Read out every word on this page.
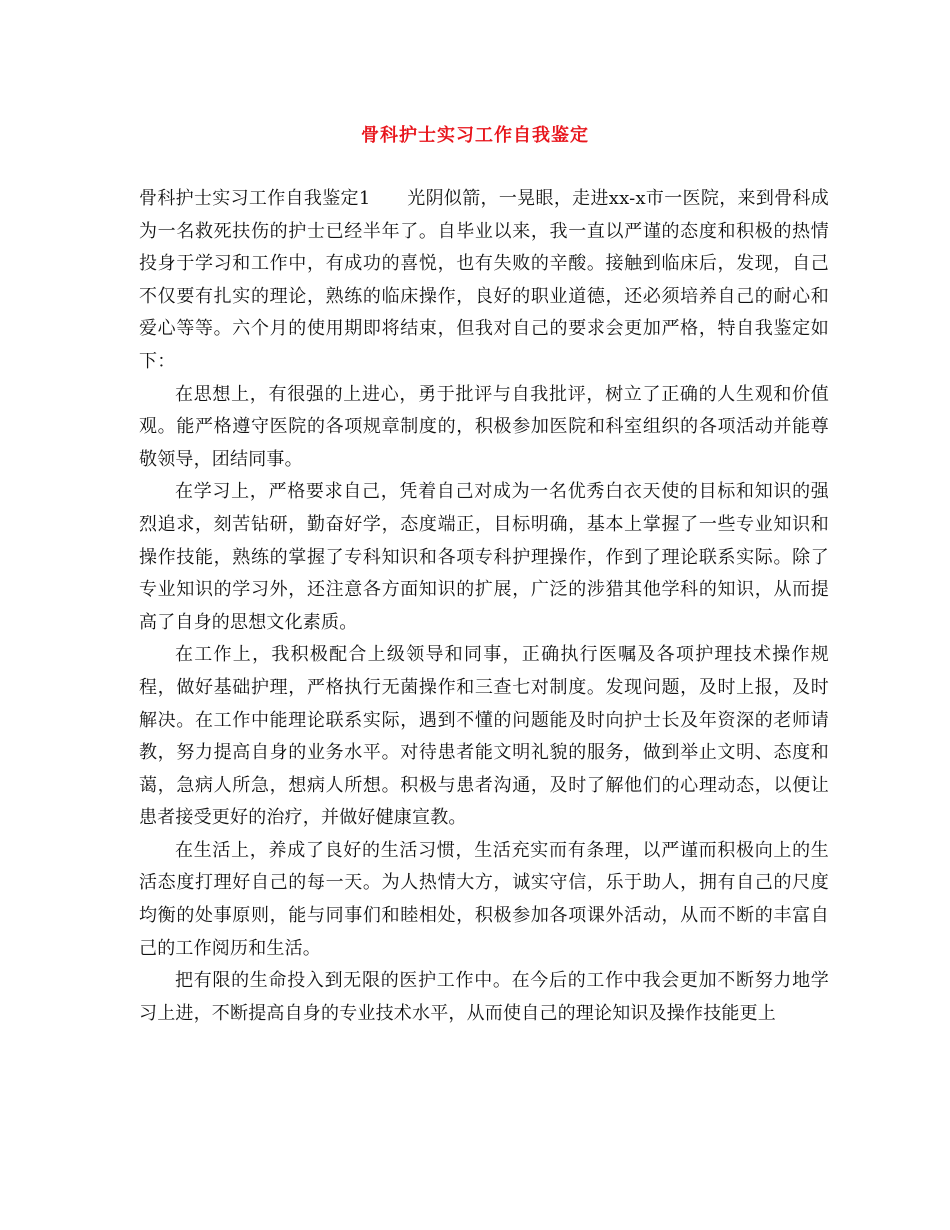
骨科护士实习工作自我鉴定

骨科护士实习工作自我鉴定1　　光阴似箭，一晃眼，走进xx-x市一医院，来到骨科成为一名救死扶伤的护士已经半年了。自毕业以来，我一直以严谨的态度和积极的热情投身于学习和工作中，有成功的喜悦，也有失败的辛酸。接触到临床后，发现，自己不仅要有扎实的理论，熟练的临床操作，良好的职业道德，还必须培养自己的耐心和爱心等等。六个月的使用期即将结束，但我对自己的要求会更加严格，特自我鉴定如下：

在思想上，有很强的上进心，勇于批评与自我批评，树立了正确的人生观和价值观。能严格遵守医院的各项规章制度的，积极参加医院和科室组织的各项活动并能尊敬领导，团结同事。

在学习上，严格要求自己，凭着自己对成为一名优秀白衣天使的目标和知识的强烈追求，刻苦钻研，勤奋好学，态度端正，目标明确，基本上掌握了一些专业知识和操作技能，熟练的掌握了专科知识和各项专科护理操作，作到了理论联系实际。除了专业知识的学习外，还注意各方面知识的扩展，广泛的涉猎其他学科的知识，从而提高了自身的思想文化素质。

在工作上，我积极配合上级领导和同事，正确执行医嘱及各项护理技术操作规程，做好基础护理，严格执行无菌操作和三查七对制度。发现问题，及时上报，及时解决。在工作中能理论联系实际，遇到不懂的问题能及时向护士长及年资深的老师请教，努力提高自身的业务水平。对待患者能文明礼貌的服务，做到举止文明、态度和蔼，急病人所急，想病人所想。积极与患者沟通，及时了解他们的心理动态，以便让患者接受更好的治疗，并做好健康宣教。

在生活上，养成了良好的生活习惯，生活充实而有条理，以严谨而积极向上的生活态度打理好自己的每一天。为人热情大方，诚实守信，乐于助人，拥有自己的尺度均衡的处事原则，能与同事们和睦相处，积极参加各项课外活动，从而不断的丰富自己的工作阅历和生活。

把有限的生命投入到无限的医护工作中。在今后的工作中我会更加不断努力地学习上进，不断提高自身的专业技术水平，从而使自己的理论知识及操作技能更上
